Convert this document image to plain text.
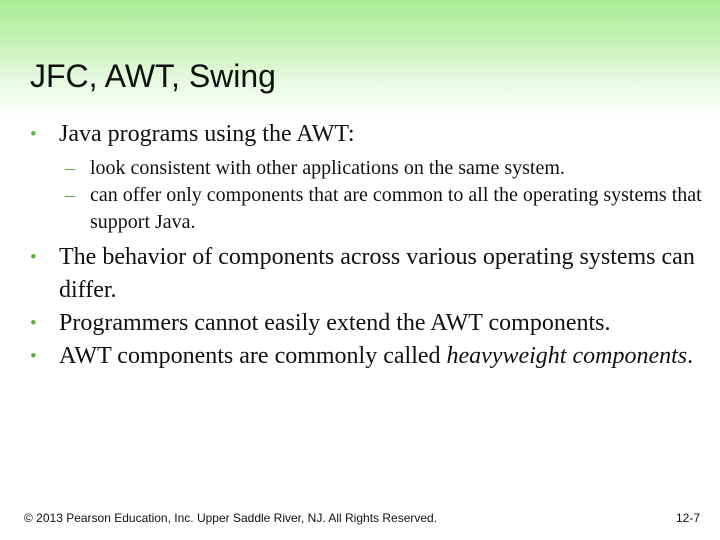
JFC, AWT, Swing
• Java programs using the AWT:
– look consistent with other applications on the same system.
– can offer only components that are common to all the operating systems that support Java.
• The behavior of components across various operating systems can differ.
• Programmers cannot easily extend the AWT components.
• AWT components are commonly called heavyweight components.
© 2013 Pearson Education, Inc. Upper Saddle River, NJ. All Rights Reserved.	12-7
